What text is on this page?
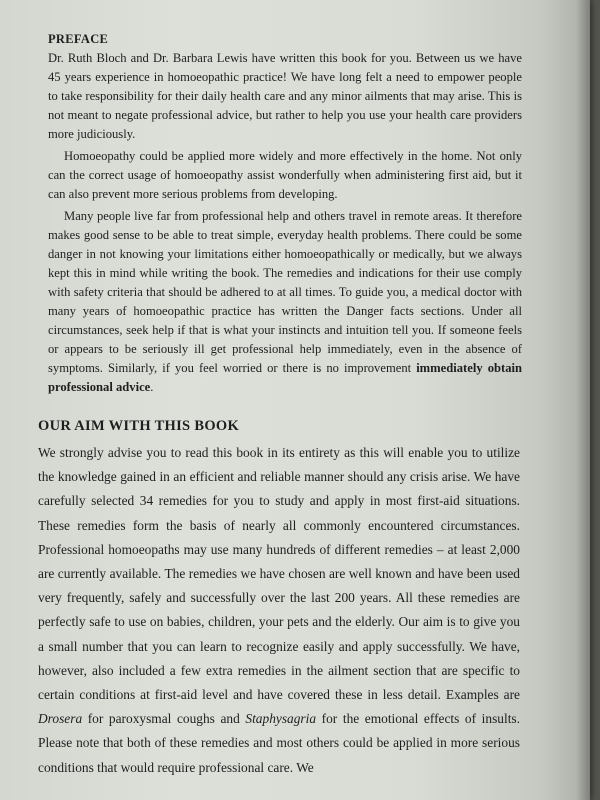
PREFACE

Dr. Ruth Bloch and Dr. Barbara Lewis have written this book for you. Between us we have 45 years experience in homoeopathic practice! We have long felt a need to empower people to take responsibility for their daily health care and any minor ailments that may arise. This is not meant to negate professional advice, but rather to help you use your health care providers more judiciously.

Homoeopathy could be applied more widely and more effectively in the home. Not only can the correct usage of homoeopathy assist wonderfully when administering first aid, but it can also prevent more serious problems from developing.

Many people live far from professional help and others travel in remote areas. It therefore makes good sense to be able to treat simple, everyday health problems. There could be some danger in not knowing your limitations either homoeopathically or medically, but we always kept this in mind while writing the book. The remedies and indications for their use comply with safety criteria that should be adhered to at all times. To guide you, a medical doctor with many years of homoeopathic practice has written the Danger facts sections. Under all circumstances, seek help if that is what your instincts and intuition tell you. If someone feels or appears to be seriously ill get professional help immediately, even in the absence of symptoms. Similarly, if you feel worried or there is no improvement immediately obtain professional advice.

OUR AIM WITH THIS BOOK

We strongly advise you to read this book in its entirety as this will enable you to utilize the knowledge gained in an efficient and reliable manner should any crisis arise. We have carefully selected 34 remedies for you to study and apply in most first-aid situations. These remedies form the basis of nearly all commonly encountered circumstances. Professional homoeopaths may use many hundreds of different remedies – at least 2,000 are currently available. The remedies we have chosen are well known and have been used very frequently, safely and successfully over the last 200 years. All these remedies are perfectly safe to use on babies, children, your pets and the elderly. Our aim is to give you a small number that you can learn to recognize easily and apply successfully. We have, however, also included a few extra remedies in the ailment section that are specific to certain conditions at first-aid level and have covered these in less detail. Examples are Drosera for paroxysmal coughs and Staphysagria for the emotional effects of insults. Please note that both of these remedies and most others could be applied in more serious conditions that would require professional care. We
